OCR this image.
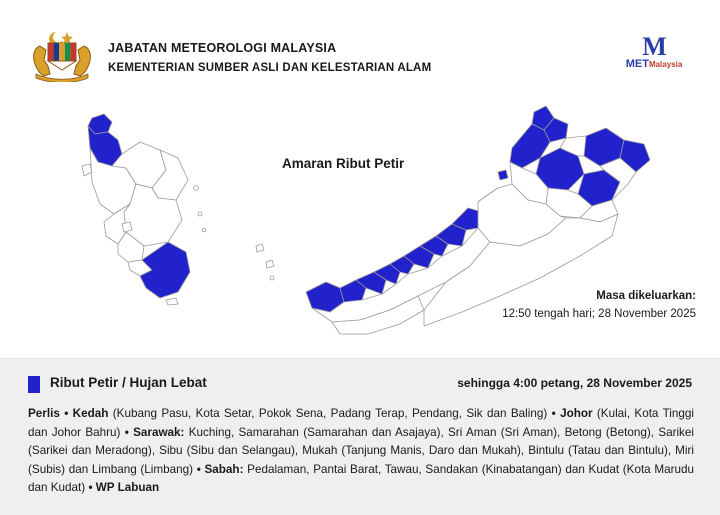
JABATAN METEOROLOGI MALAYSIA
KEMENTERIAN SUMBER ASLI DAN KELESTARIAN ALAM
M
METMalaysia
Amaran Ribut Petir
Masa dikeluarkan:
12:50 tengah hari; 28 November 2025
Ribut Petir / Hujan Lebat	sehingga 4:00 petang, 28 November 2025
Perlis • Kedah (Kubang Pasu, Kota Setar, Pokok Sena, Padang Terap, Pendang, Sik dan Baling) • Johor (Kulai, Kota Tinggi dan Johor Bahru) • Sarawak: Kuching, Samarahan (Samarahan dan Asajaya), Sri Aman (Sri Aman), Betong (Betong), Sarikei (Sarikei dan Meradong), Sibu (Sibu dan Selangau), Mukah (Tanjung Manis, Daro dan Mukah), Bintulu (Tatau dan Bintulu), Miri (Subis) dan Limbang (Limbang) • Sabah: Pedalaman, Pantai Barat, Tawau, Sandakan (Kinabatangan) dan Kudat (Kota Marudu dan Kudat) • WP Labuan
